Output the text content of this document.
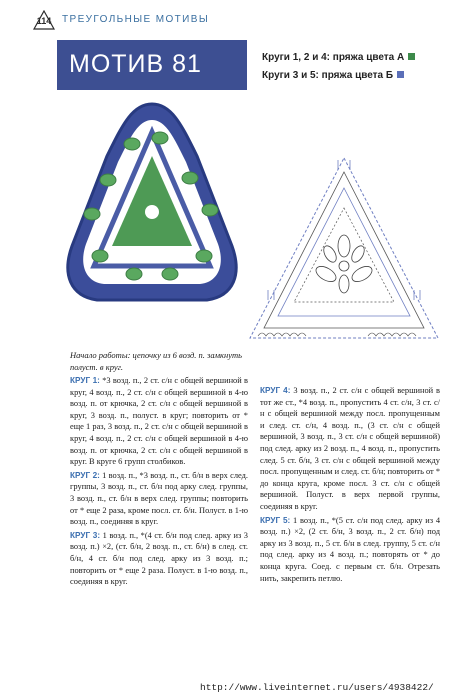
114	ТРЕУГОЛЬНЫЕ МОТИВЫ
МОТИВ 81	Круги 1, 2 и 4: пряжа цвета А
Круги 3 и 5: пряжа цвета Б
Начало работы: цепочку из 6 возд. п. замкнуть полуст. в круг.

КРУГ 1: *3 возд. п., 2 ст. с/н с общей вершиной в круг, 4 возд. п., 2 ст. с/н с общей вершиной в 4-ю возд. п. от крючка, 2 ст. с/н с общей вершиной в круг, 3 возд. п., полуст. в круг; повторить от * еще 1 раз, 3 возд. п., 2 ст. с/н с общей вершиной в круг, 4 возд. п., 2 ст. с/н с общей вершиной в 4-ю возд. п. от крючка, 2 ст. с/н с общей вершиной в круг. В круге 6 групп столбиков.

КРУГ 2: 1 возд. п., *3 возд. п., ст. б/н в верх след. группы, 3 возд. п., ст. б/н под арку след. группы, 3 возд. п., ст. б/н в верх след. группы; повторить от * еще 2 раза, кроме посл. ст. б/н. Полуст. в 1-ю возд. п., соединяя в круг.

КРУГ 3: 1 возд. п., *(4 ст. б/н под след. арку из 3 возд. п.) ×2, (ст. б/н, 2 возд. п., ст. б/н) в след. ст. б/н, 4 ст. б/н под след. арку из 3 возд. п.; повторить от * еще 2 раза. Полуст. в 1-ю возд. п., соединяя в круг.

КРУГ 4: 3 возд. п., 2 ст. с/н с общей вершиной в тот же ст., *4 возд. п., пропустить 4 ст. с/н, 3 ст. с/н с общей вершиной между посл. пропущенным и след. ст. с/н, 4 возд. п., (3 ст. с/н с общей вершиной, 3 возд. п., 3 ст. с/н с общей вершиной) под след. арку из 2 возд. п., 4 возд. п., пропустить след. 5 ст. б/н, 3 ст. с/н с общей вершиной между посл. пропущенным и след. ст. б/н; повторить от * до конца круга, кроме посл. 3 ст. с/н с общей вершиной. Полуст. в верх первой группы, соединяя в круг.

КРУГ 5: 1 возд. п., *(5 ст. с/н под след. арку из 4 возд. п.) ×2, (2 ст. б/н, 3 возд. п., 2 ст. б/н) под арку из 3 возд. п., 5 ст. б/н в след. группу, 5 ст. с/н под след. арку из 4 возд. п.; повторять от * до конца круга. Соед. с первым ст. б/н. Отрезать нить, закрепить петлю.

http://www.liveinternet.ru/users/4938422/
